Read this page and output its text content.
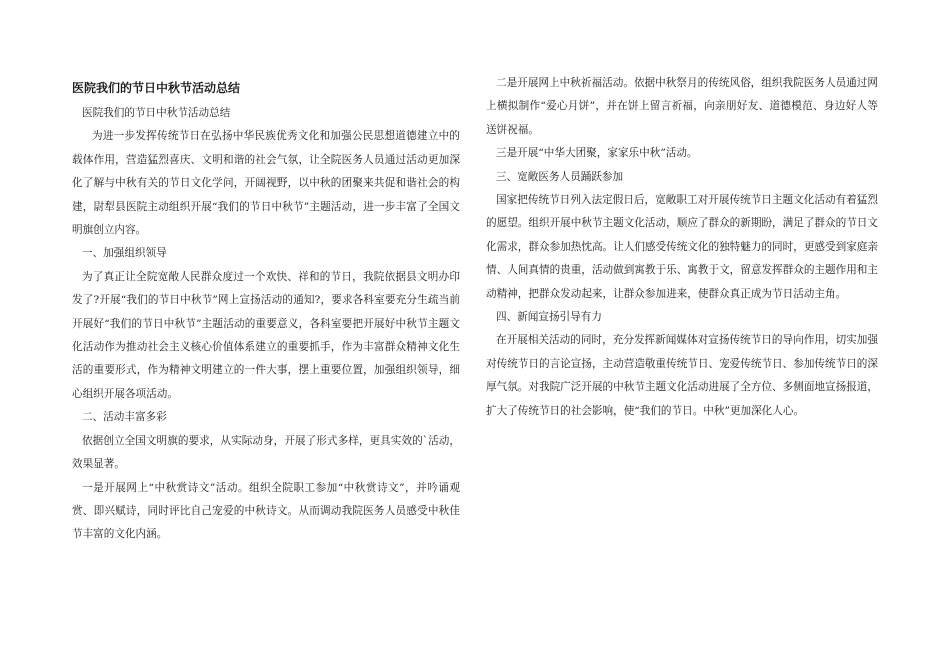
医院我们的节日中秋节活动总结

医院我们的节日中秋节活动总结

为进一步发挥传统节日在弘扬中华民族优秀文化和加强公民思想道德建立中的载体作用，营造猛烈喜庆、文明和谐的社会气氛，让全院医务人员通过活动更加深化了解与中秋有关的节日文化学问，开阔视野，以中秋的团聚来共促和谐社会的构建，尉犁县医院主动组织开展“我们的节日中秋节”主题活动，进一步丰富了全国文明旗创立内容。

一、加强组织领导

为了真正让全院宽敞人民群众度过一个欢快、祥和的节日，我院依据县文明办印发了?开展“我们的节日中秋节”网上宣扬活动的通知?，要求各科室要充分生疏当前开展好“我们的节日中秋节”主题活动的重要意义，各科室要把开展好中秋节主题文化活动作为推动社会主义核心价值体系建立的重要抓手，作为丰富群众精神文化生活的重要形式，作为精神文明建立的一件大事，摆上重要位置，加强组织领导，细心组织开展各项活动。

二、活动丰富多彩

依据创立全国文明旗的要求，从实际动身，开展了形式多样，更具实效的`活动，效果显著。

一是开展网上“中秋赏诗文”活动。组织全院职工参加“中秋赏诗文”，并吟诵观赏、即兴赋诗，同时评比自己宠爱的中秋诗文。从而调动我院医务人员感受中秋佳节丰富的文化内涵。

二是开展网上中秋祈福活动。依据中秋祭月的传统风俗，组织我院医务人员通过网上横拟制作“爱心月饼”，并在饼上留言祈福，向亲朋好友、道德模范、身边好人等送饼祝福。

三是开展“中华大团聚，家家乐中秋”活动。

三、宽敞医务人员踊跃参加

国家把传统节日列入法定假日后，宽敞职工对开展传统节日主题文化活动有着猛烈的愿望。组织开展中秋节主题文化活动，顺应了群众的新期盼，满足了群众的节日文化需求，群众参加热忱高。让人们感受传统文化的独特魅力的同时，更感受到家庭亲情、人间真情的贵重，活动做到寓教于乐、寓教于文，留意发挥群众的主题作用和主动精神，把群众发动起来，让群众参加进来，使群众真正成为节日活动主角。

四、新闻宣扬引导有力

在开展相关活动的同时，充分发挥新闻媒体对宣扬传统节日的导向作用，切实加强对传统节日的言论宣扬，主动营造敬重传统节日、宠爱传统节日、参加传统节日的深厚气氛。对我院广泛开展的中秋节主题文化活动进展了全方位、多侧面地宣扬报道，扩大了传统节日的社会影响，使“我们的节日。中秋”更加深化人心。
